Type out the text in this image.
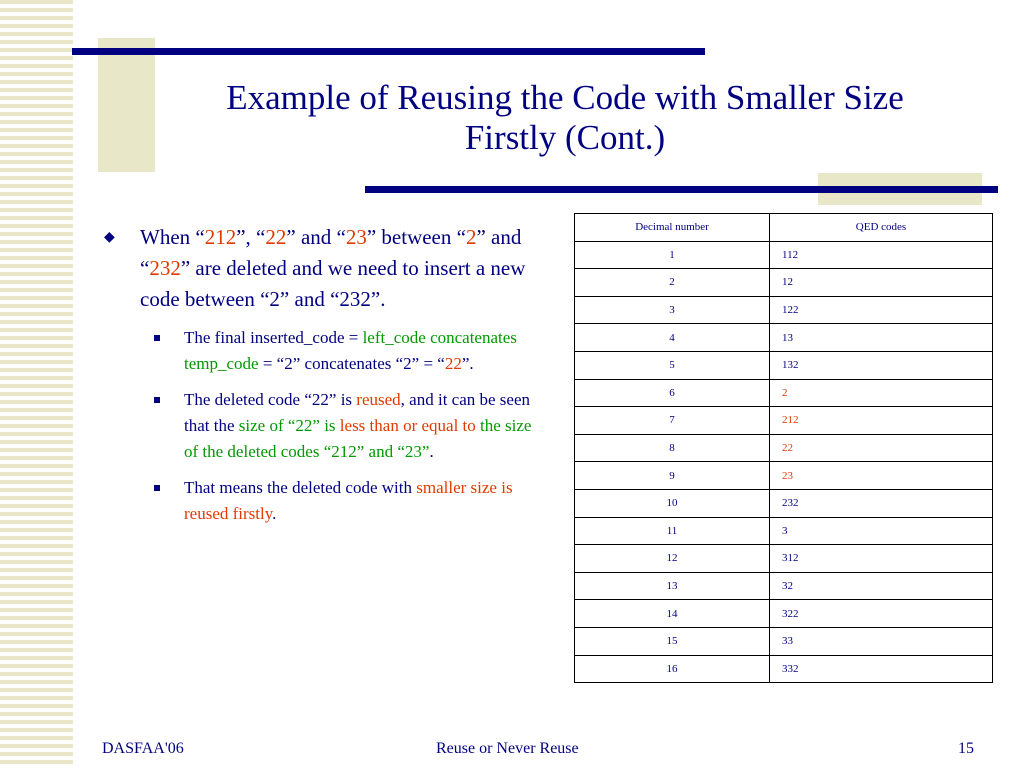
Example of Reusing the Code with Smaller Size
Firstly (Cont.)
◆ When “212”, “22” and “23” between “2” and “232” are deleted and we need to insert a new code between “2” and “232”.
The final inserted_code = left_code concatenates temp_code = “2” concatenates “2” = “22”.
The deleted code “22” is reused, and it can be seen that the size of “22” is less than or equal to the size of the deleted codes “212” and “23”.
That means the deleted code with smaller size is reused firstly.
Decimal number	QED codes
1	112
2	12
3	122
4	13
5	132
6	2
7	212
8	22
9	23
10	232
11	3
12	312
13	32
14	322
15	33
16	332
DASFAA'06	Reuse or Never Reuse	15
